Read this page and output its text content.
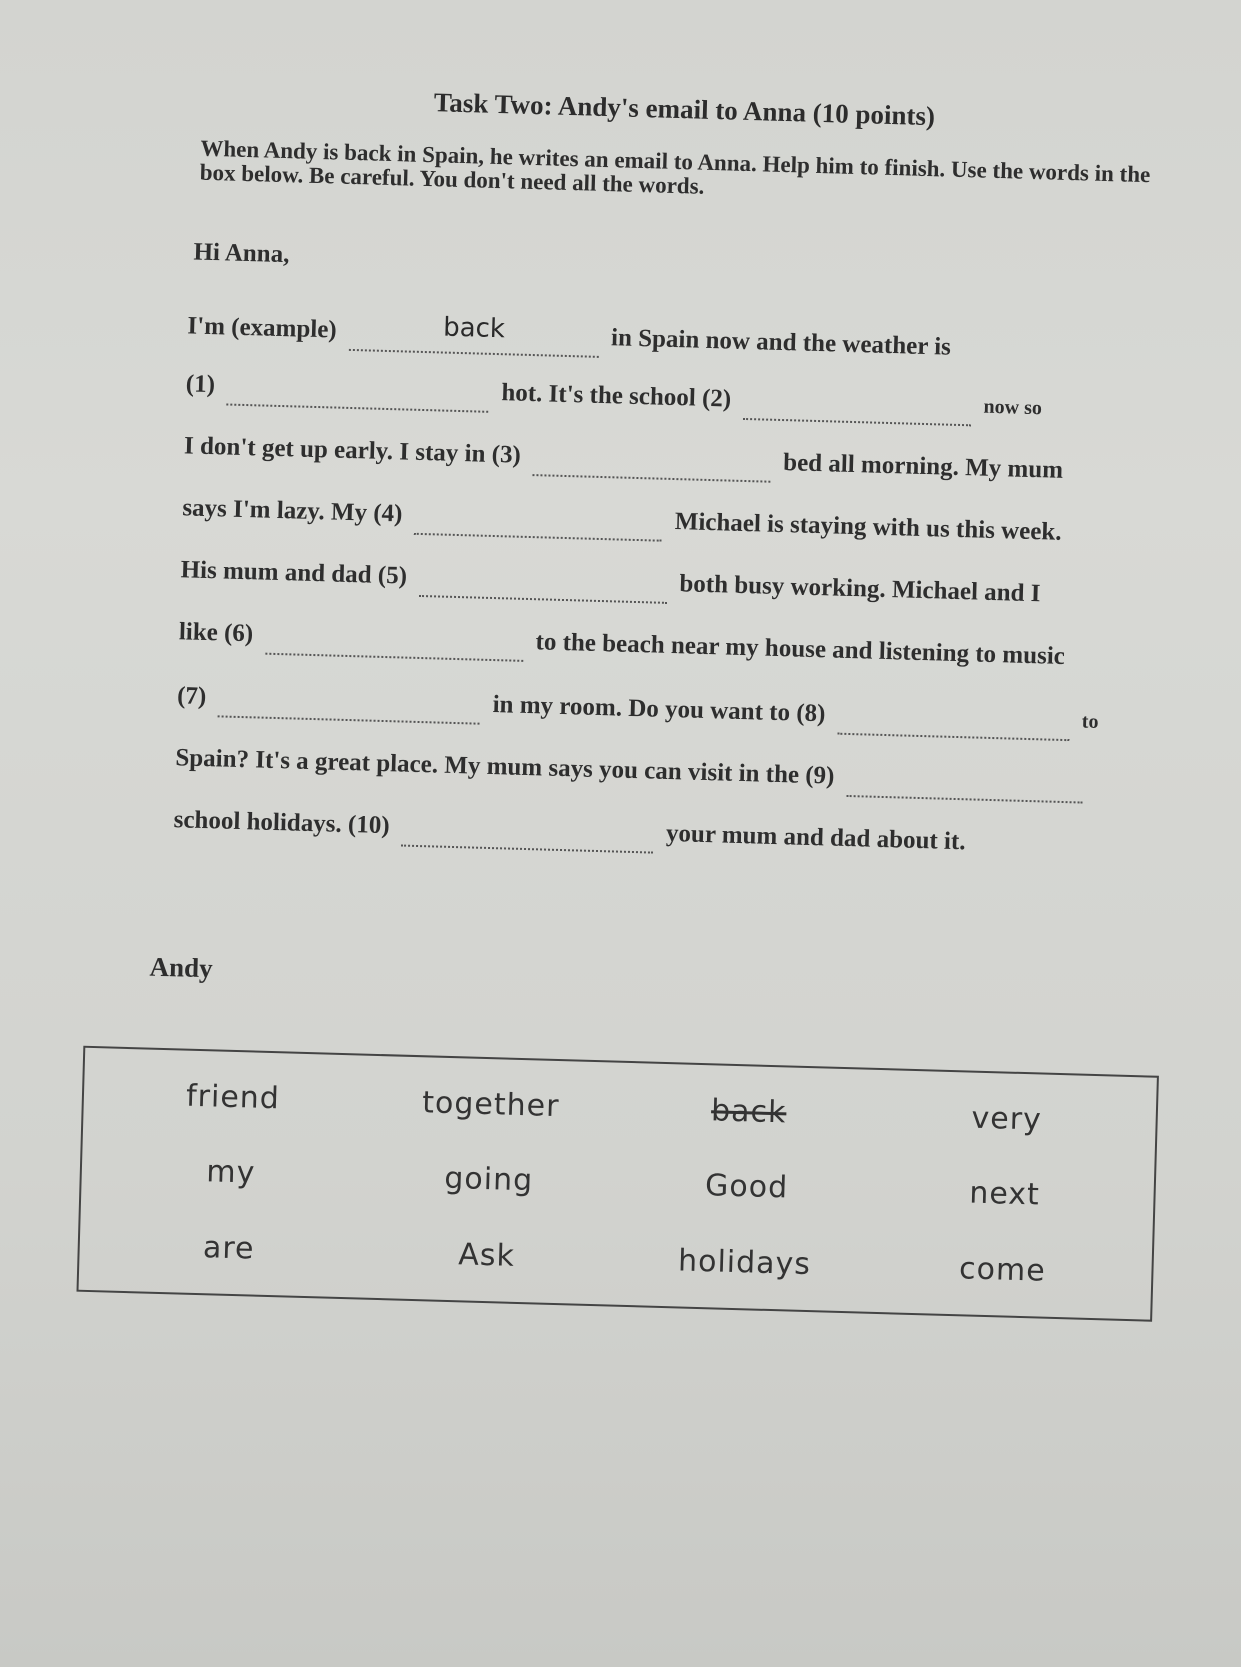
Task Two: Andy's email to Anna (10 points)
When Andy is back in Spain, he writes an email to Anna. Help him to finish. Use the words in the box below. Be careful. You don't need all the words.
Hi Anna,
I'm (example)	back	in Spain now and the weather is
(1)	hot. It's the school (2)	now so
I don't get up early. I stay in (3)	bed all morning. My mum
says I'm lazy. My (4)	Michael is staying with us this week.
His mum and dad (5)	both busy working. Michael and I
like (6)	to the beach near my house and listening to music
(7)	in my room. Do you want to (8)	to
Spain? It's a great place. My mum says you can visit in the (9)
school holidays. (10)	your mum and dad about it.
Andy
friend	together	back	very
my	going	Good	next
are	Ask	holidays	come
